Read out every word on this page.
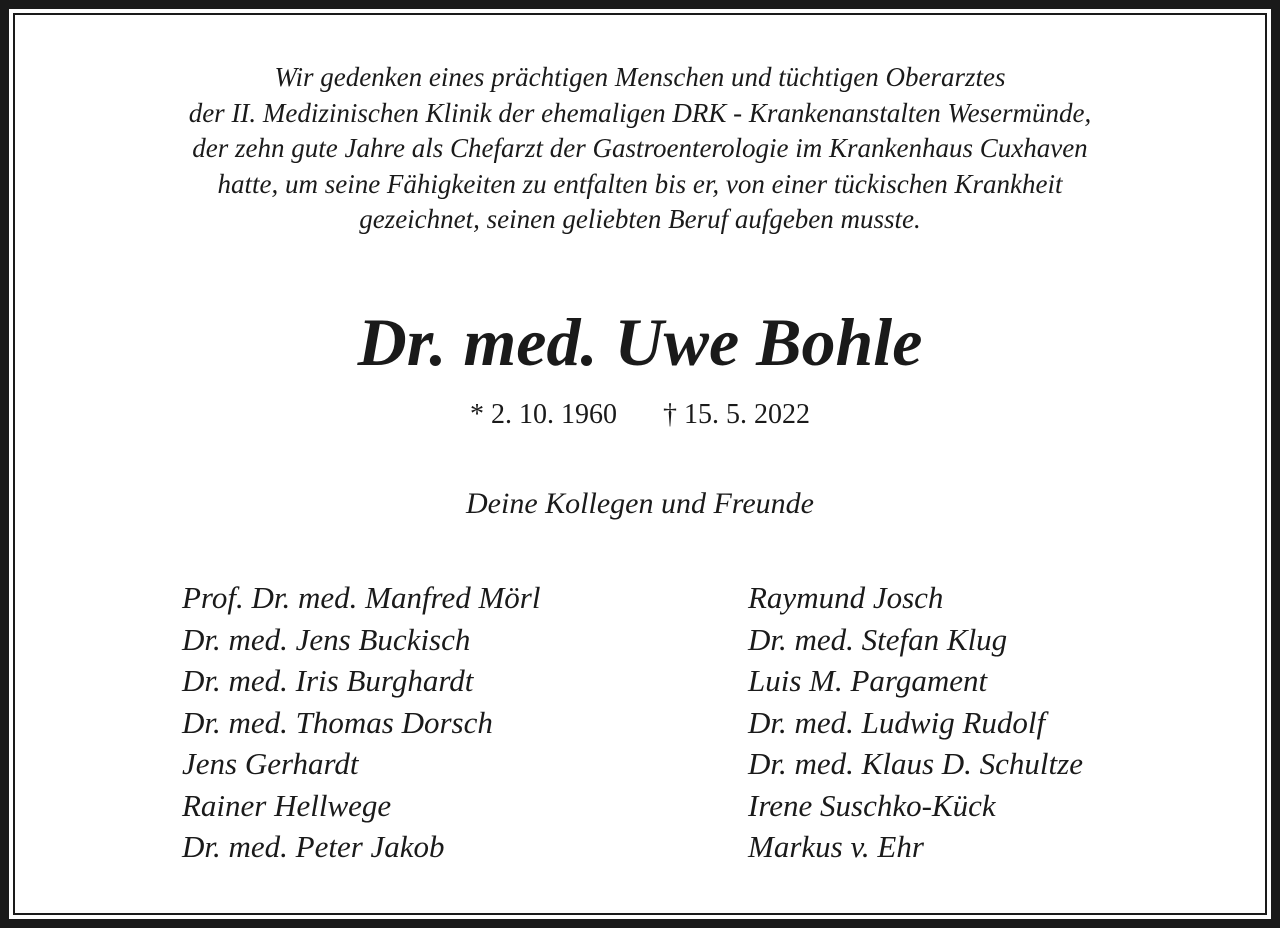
Wir gedenken eines prächtigen Menschen und tüchtigen Oberarztes
der II. Medizinischen Klinik der ehemaligen DRK - Krankenanstalten Wesermünde,
der zehn gute Jahre als Chefarzt der Gastroenterologie im Krankenhaus Cuxhaven
hatte, um seine Fähigkeiten zu entfalten bis er, von einer tückischen Krankheit
gezeichnet, seinen geliebten Beruf aufgeben musste.
Dr. med. Uwe Bohle
* 2. 10. 1960 † 15. 5. 2022
Deine Kollegen und Freunde
Prof. Dr. med. Manfred Mörl
Dr. med. Jens Buckisch
Dr. med. Iris Burghardt
Dr. med. Thomas Dorsch
Jens Gerhardt
Rainer Hellwege
Dr. med. Peter Jakob
Raymund Josch
Dr. med. Stefan Klug
Luis M. Pargament
Dr. med. Ludwig Rudolf
Dr. med. Klaus D. Schultze
Irene Suschko-Kück
Markus v. Ehr
